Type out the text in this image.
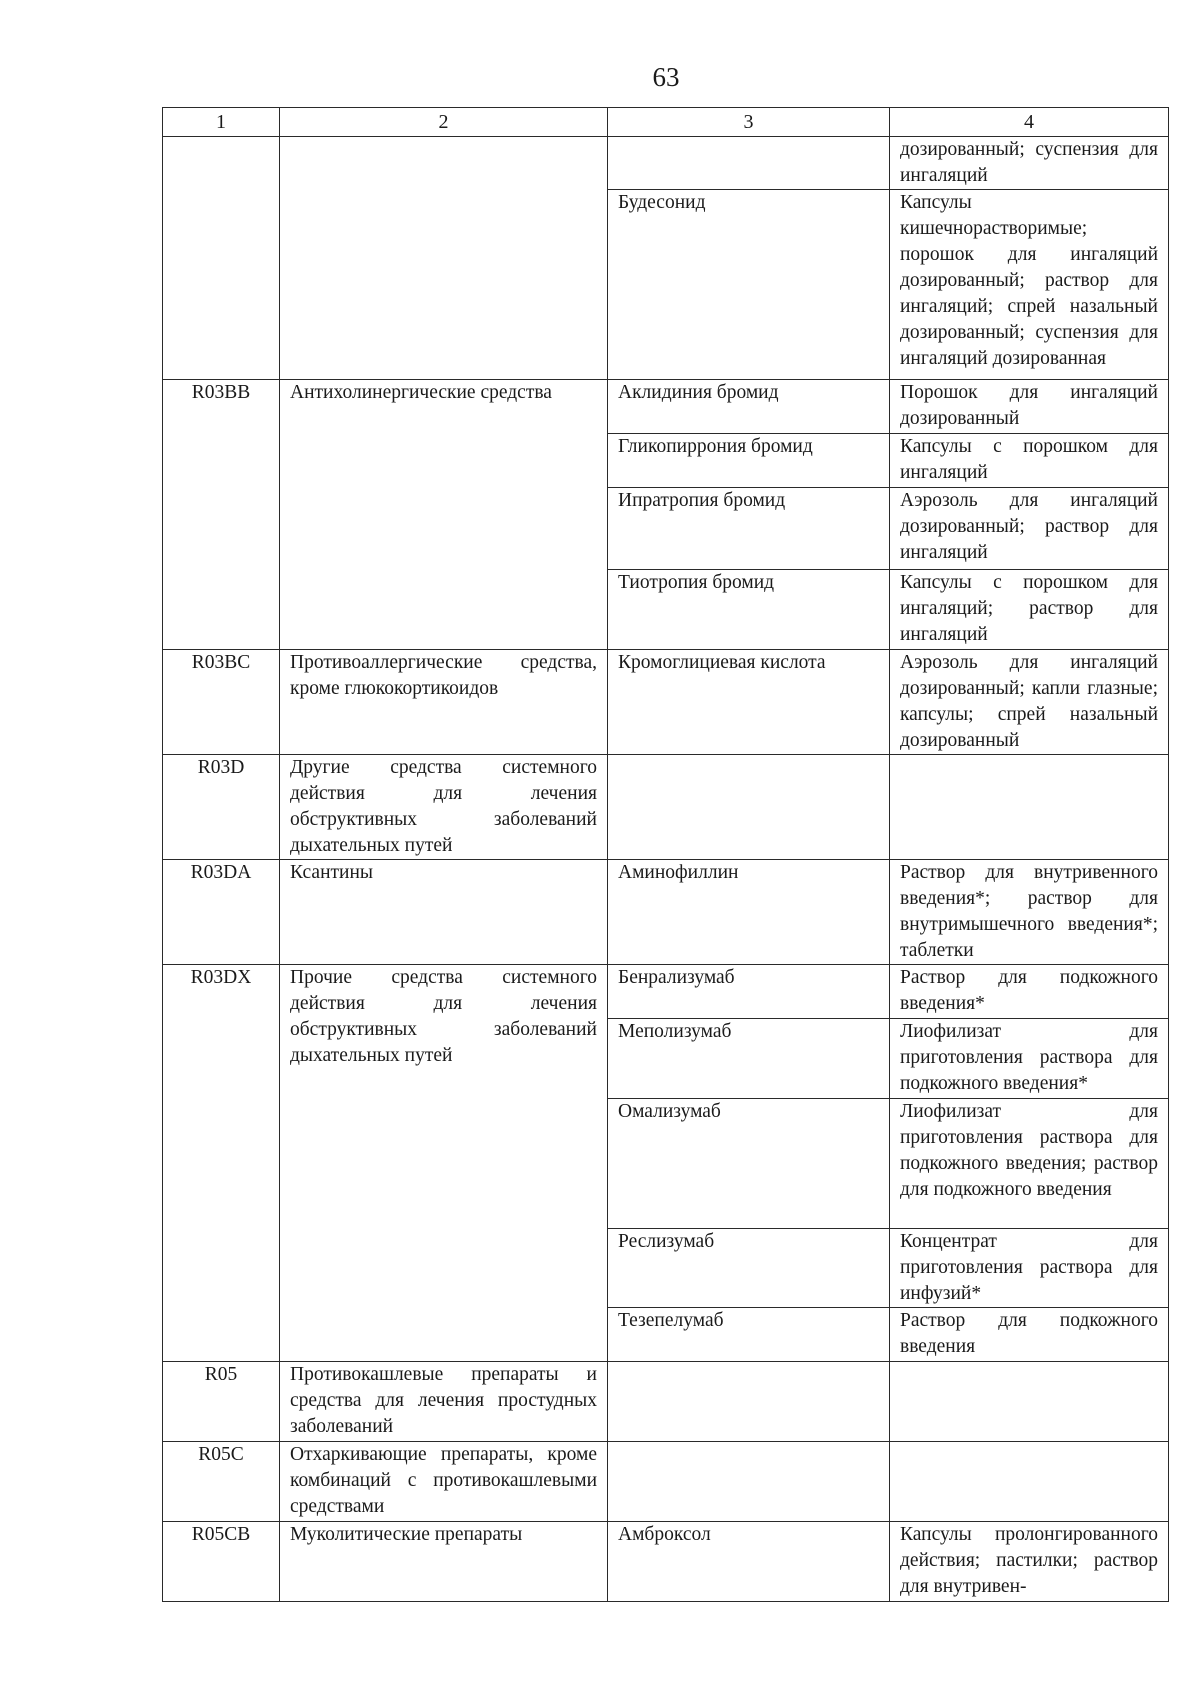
63
1	2	3	4
			дозированный; суспензия для ингаляций
		Будесонид	Капсулы кишечнорастворимые; порошок для ингаляций дозированный; раствор для ингаляций; спрей назальный дозированный; суспензия для ингаляций дозированная
R03BB	Антихолинергические средства	Аклидиния бромид	Порошок для ингаляций дозированный
		Гликопиррония бромид	Капсулы с порошком для ингаляций
		Ипратропия бромид	Аэрозоль для ингаляций дозированный; раствор для ингаляций
		Тиотропия бромид	Капсулы с порошком для ингаляций; раствор для ингаляций
R03BC	Противоаллергические средства, кроме глюкокортикоидов	Кромоглициевая кислота	Аэрозоль для ингаляций дозированный; капли глазные; капсулы; спрей назальный дозированный
R03D	Другие средства системного действия для лечения обструктивных заболеваний дыхательных путей		
R03DA	Ксантины	Аминофиллин	Раствор для внутривенного введения*; раствор для внутримышечного введения*; таблетки
R03DX	Прочие средства системного действия для лечения обструктивных заболеваний дыхательных путей	Бенрализумаб	Раствор для подкожного введения*
		Меполизумаб	Лиофилизат для приготовления раствора для подкожного введения*
		Омализумаб	Лиофилизат для приготовления раствора для подкожного введения; раствор для подкожного введения
		Реслизумаб	Концентрат для приготовления раствора для инфузий*
		Тезепелумаб	Раствор для подкожного введения
R05	Противокашлевые препараты и средства для лечения простудных заболеваний		
R05C	Отхаркивающие препараты, кроме комбинаций с противокашлевыми средствами		
R05CB	Муколитические препараты	Амброксол	Капсулы пролонгированного действия; пастилки; раствор для внутривен-
